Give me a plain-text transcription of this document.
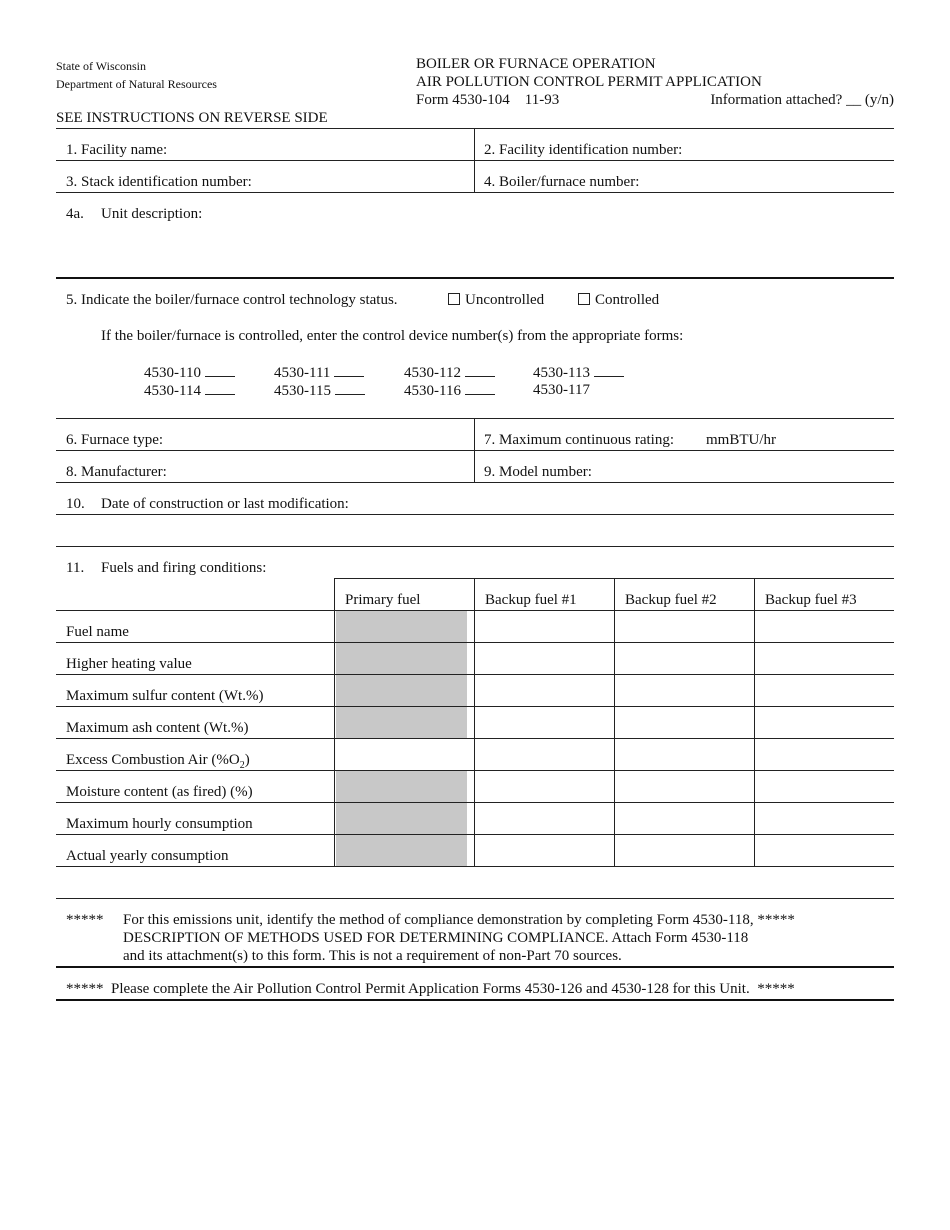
State of Wisconsin
Department of Natural Resources
BOILER OR FURNACE OPERATION
AIR POLLUTION CONTROL PERMIT APPLICATION
Form 4530-104    11-93	Information attached? __ (y/n)
SEE INSTRUCTIONS ON REVERSE SIDE
1. Facility name:	2. Facility identification number:
3. Stack identification number:	4. Boiler/furnace number:
4a. Unit description:
5. Indicate the boiler/furnace control technology status.	Uncontrolled	Controlled
If the boiler/furnace is controlled, enter the control device number(s) from the appropriate forms:
4530-110	4530-111	4530-112	4530-113
4530-114	4530-115	4530-116	4530-117
6. Furnace type:	7. Maximum continuous rating: mmBTU/hr
8. Manufacturer:	9. Model number:
10. Date of construction or last modification:
11. Fuels and firing conditions:
Primary fuel	Backup fuel #1	Backup fuel #2	Backup fuel #3
Fuel name
Higher heating value
Maximum sulfur content (Wt.%)
Maximum ash content (Wt.%)
Excess Combustion Air $(\%O_2)$
Moisture content (as fired) (%)
Maximum hourly consumption
Actual yearly consumption
***** For this emissions unit, identify the method of compliance demonstration by completing Form 4530-118, *****
DESCRIPTION OF METHODS USED FOR DETERMINING COMPLIANCE. Attach Form 4530-118
and its attachment(s) to this form. This is not a requirement of non-Part 70 sources.
*****  Please complete the Air Pollution Control Permit Application Forms 4530-126 and 4530-128 for this Unit.  *****
